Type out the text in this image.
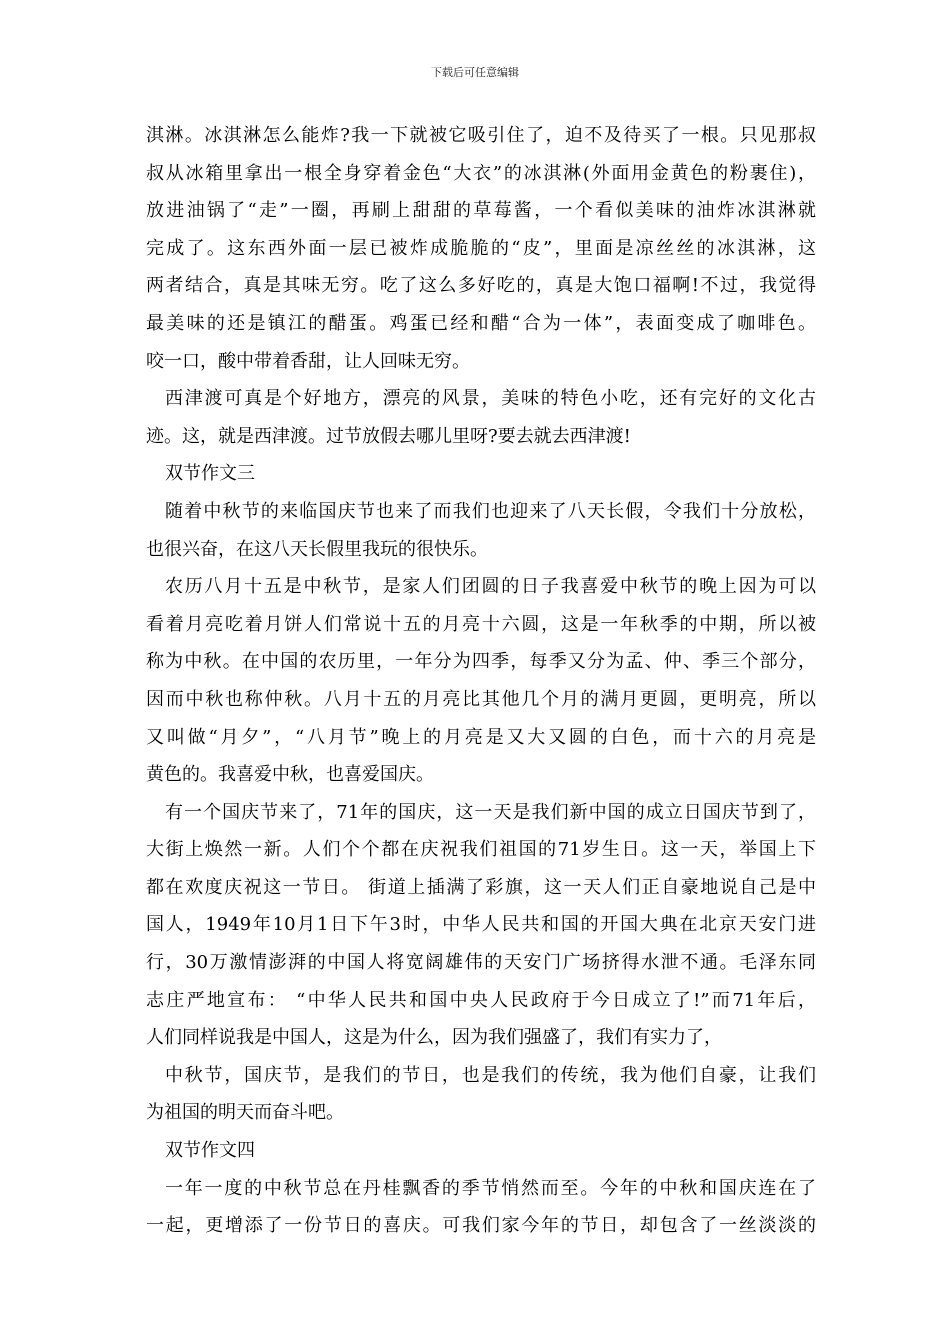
下载后可任意编辑
淇淋。冰淇淋怎么能炸?我一下就被它吸引住了，迫不及待买了一根。只见那叔
叔从冰箱里拿出一根全身穿着金色“大衣”的冰淇淋(外面用金黄色的粉裹住)，
放进油锅了“走”一圈，再刷上甜甜的草莓酱，一个看似美味的油炸冰淇淋就
完成了。这东西外面一层已被炸成脆脆的“皮”，里面是凉丝丝的冰淇淋，这
两者结合，真是其味无穷。吃了这么多好吃的，真是大饱口福啊!不过，我觉得
最美味的还是镇江的醋蛋。鸡蛋已经和醋“合为一体”，表面变成了咖啡色。
咬一口，酸中带着香甜，让人回味无穷。
西津渡可真是个好地方，漂亮的风景，美味的特色小吃，还有完好的文化古
迹。这，就是西津渡。过节放假去哪儿里呀?要去就去西津渡!
双节作文三
随着中秋节的来临国庆节也来了而我们也迎来了八天长假，令我们十分放松，
也很兴奋，在这八天长假里我玩的很快乐。
农历八月十五是中秋节，是家人们团圆的日子我喜爱中秋节的晚上因为可以
看着月亮吃着月饼人们常说十五的月亮十六圆，这是一年秋季的中期，所以被
称为中秋。在中国的农历里，一年分为四季，每季又分为孟、仲、季三个部分，
因而中秋也称仲秋。八月十五的月亮比其他几个月的满月更圆，更明亮，所以
又叫做“月夕”，“八月节”晚上的月亮是又大又圆的白色，而十六的月亮是
黄色的。我喜爱中秋，也喜爱国庆。
有一个国庆节来了，71年的国庆，这一天是我们新中国的成立日国庆节到了，
大街上焕然一新。人们个个都在庆祝我们祖国的71岁生日。这一天，举国上下
都在欢度庆祝这一节日。 街道上插满了彩旗，这一天人们正自豪地说自己是中
国人，1949年10月1日下午3时，中华人民共和国的开国大典在北京天安门进
行，30万激情澎湃的中国人将宽阔雄伟的天安门广场挤得水泄不通。毛泽东同
志庄严地宣布： “中华人民共和国中央人民政府于今日成立了!”而71年后，
人们同样说我是中国人，这是为什么，因为我们强盛了，我们有实力了，
中秋节，国庆节，是我们的节日，也是我们的传统，我为他们自豪，让我们
为祖国的明天而奋斗吧。
双节作文四
一年一度的中秋节总在丹桂飘香的季节悄然而至。今年的中秋和国庆连在了
一起，更增添了一份节日的喜庆。可我们家今年的节日，却包含了一丝淡淡的
